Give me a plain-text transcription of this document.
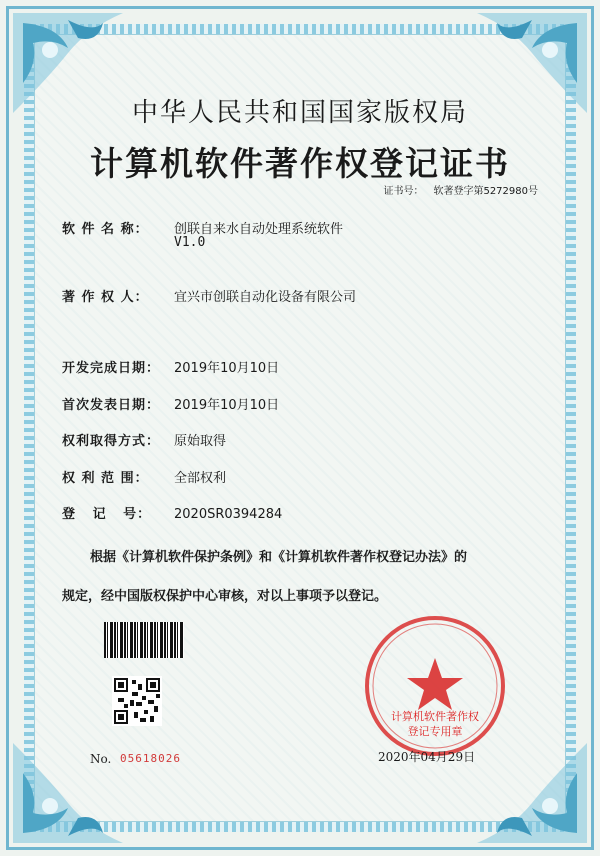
中华人民共和国国家版权局
计算机软件著作权登记证书
证书号： 软著登字第5272980号
软 件 名 称： 创联自来水自动处理系统软件
V1.0
著 作 权 人： 宜兴市创联自动化设备有限公司
开发完成日期： 2019年10月10日
首次发表日期： 2019年10月10日
权利取得方式： 原始取得
权 利 范 围： 全部权利
登   记   号： 2020SR0394284
根据《计算机软件保护条例》和《计算机软件著作权登记办法》的
规定，经中国版权保护中心审核，对以上事项予以登记。
No. 05618026
计算机软件著作权
登记专用章
2020年04月29日
